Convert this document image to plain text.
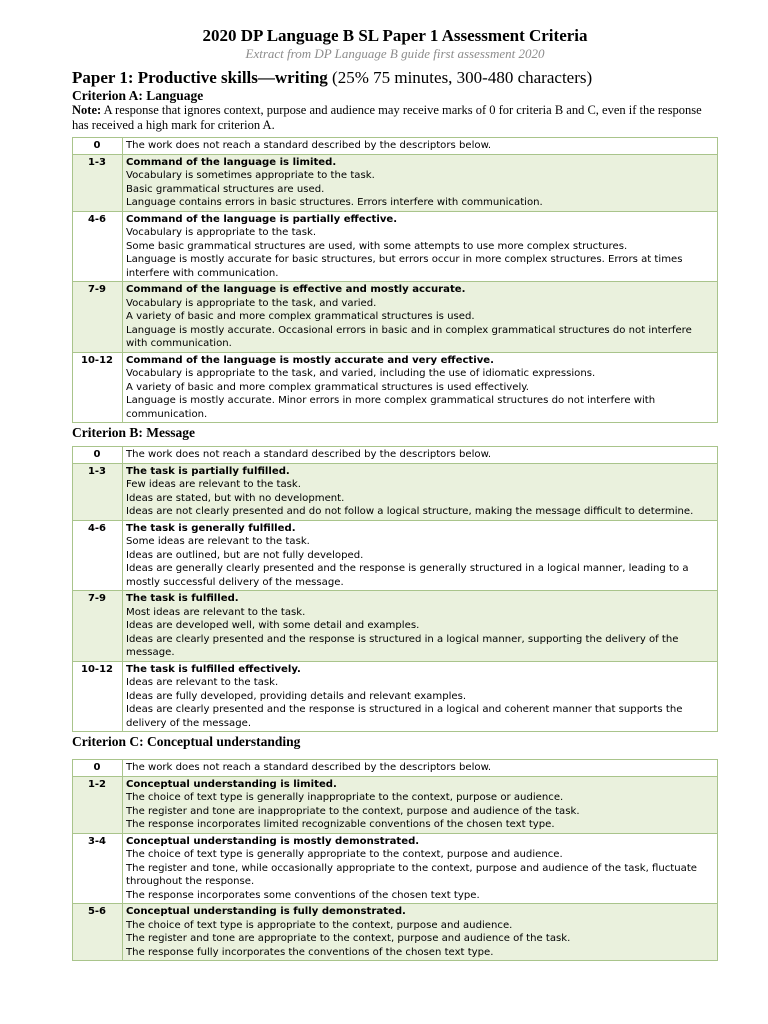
2020 DP Language B SL Paper 1 Assessment Criteria
Extract from DP Language B guide first assessment 2020
Paper 1: Productive skills—writing (25% 75 minutes, 300-480 characters)
Criterion A: Language
Note: A response that ignores context, purpose and audience may receive marks of 0 for criteria B and C, even if the response has received a high mark for criterion A.
0	The work does not reach a standard described by the descriptors below.

1-3	Command of the language is limited.
Vocabulary is sometimes appropriate to the task.
Basic grammatical structures are used.
Language contains errors in basic structures. Errors interfere with communication.

4-6	Command of the language is partially effective.
Vocabulary is appropriate to the task.
Some basic grammatical structures are used, with some attempts to use more complex structures.
Language is mostly accurate for basic structures, but errors occur in more complex structures. Errors at times interfere with communication.

7-9	Command of the language is effective and mostly accurate.
Vocabulary is appropriate to the task, and varied.
A variety of basic and more complex grammatical structures is used.
Language is mostly accurate. Occasional errors in basic and in complex grammatical structures do not interfere with communication.

10-12	Command of the language is mostly accurate and very effective.
Vocabulary is appropriate to the task, and varied, including the use of idiomatic expressions.
A variety of basic and more complex grammatical structures is used effectively.
Language is mostly accurate. Minor errors in more complex grammatical structures do not interfere with communication.
Criterion B: Message
0	The work does not reach a standard described by the descriptors below.

1-3	The task is partially fulfilled.
Few ideas are relevant to the task.
Ideas are stated, but with no development.
Ideas are not clearly presented and do not follow a logical structure, making the message difficult to determine.

4-6	The task is generally fulfilled.
Some ideas are relevant to the task.
Ideas are outlined, but are not fully developed.
Ideas are generally clearly presented and the response is generally structured in a logical manner, leading to a mostly successful delivery of the message.

7-9	The task is fulfilled.
Most ideas are relevant to the task.
Ideas are developed well, with some detail and examples.
Ideas are clearly presented and the response is structured in a logical manner, supporting the delivery of the message.

10-12	The task is fulfilled effectively.
Ideas are relevant to the task.
Ideas are fully developed, providing details and relevant examples.
Ideas are clearly presented and the response is structured in a logical and coherent manner that supports the delivery of the message.
Criterion C: Conceptual understanding
0	The work does not reach a standard described by the descriptors below.

1-2	Conceptual understanding is limited.
The choice of text type is generally inappropriate to the context, purpose or audience.
The register and tone are inappropriate to the context, purpose and audience of the task.
The response incorporates limited recognizable conventions of the chosen text type.

3-4	Conceptual understanding is mostly demonstrated.
The choice of text type is generally appropriate to the context, purpose and audience.
The register and tone, while occasionally appropriate to the context, purpose and audience of the task, fluctuate throughout the response.
The response incorporates some conventions of the chosen text type.

5-6	Conceptual understanding is fully demonstrated.
The choice of text type is appropriate to the context, purpose and audience.
The register and tone are appropriate to the context, purpose and audience of the task.
The response fully incorporates the conventions of the chosen text type.
